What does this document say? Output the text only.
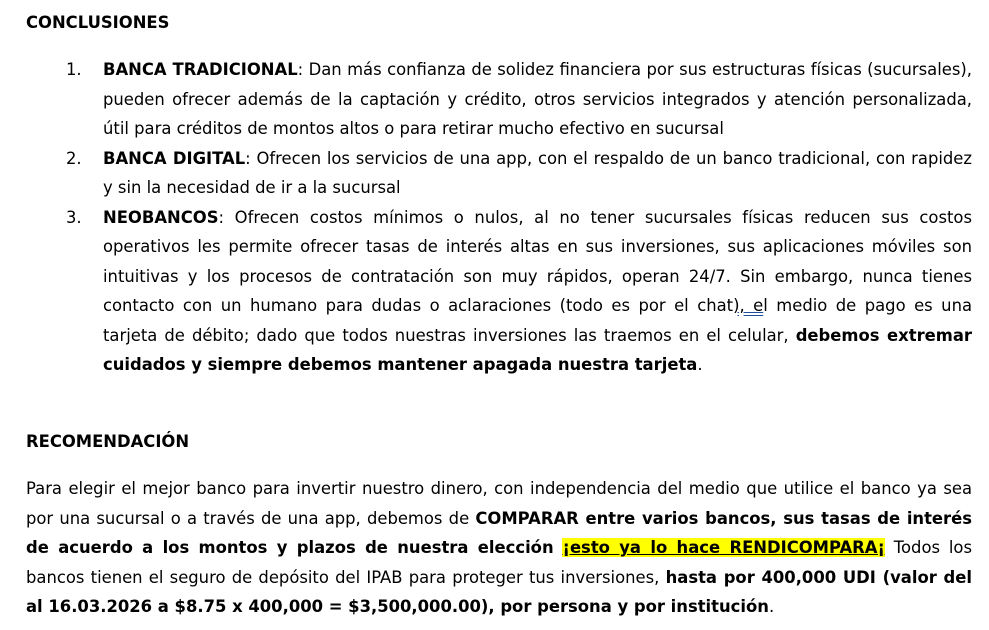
CONCLUSIONES

1. BANCA TRADICIONAL: Dan más confianza de solidez financiera por sus estructuras físicas (sucursales), pueden ofrecer además de la captación y crédito, otros servicios integrados y atención personalizada, útil para créditos de montos altos o para retirar mucho efectivo en sucursal
2. BANCA DIGITAL: Ofrecen los servicios de una app, con el respaldo de un banco tradicional, con rapidez y sin la necesidad de ir a la sucursal
3. NEOBANCOS: Ofrecen costos mínimos o nulos, al no tener sucursales físicas reducen sus costos operativos les permite ofrecer tasas de interés altas en sus inversiones, sus aplicaciones móviles son intuitivas y los procesos de contratación son muy rápidos, operan 24/7. Sin embargo, nunca tienes contacto con un humano para dudas o aclaraciones (todo es por el chat), el medio de pago es una tarjeta de débito; dado que todos nuestras inversiones las traemos en el celular, debemos extremar cuidados y siempre debemos mantener apagada nuestra tarjeta.

RECOMENDACIÓN

Para elegir el mejor banco para invertir nuestro dinero, con independencia del medio que utilice el banco ya sea por una sucursal o a través de una app, debemos de COMPARAR entre varios bancos, sus tasas de interés de acuerdo a los montos y plazos de nuestra elección ¡esto ya lo hace RENDICOMPARA¡ Todos los bancos tienen el seguro de depósito del IPAB para proteger tus inversiones, hasta por 400,000 UDI (valor del al 16.03.2026 a $8.75 x 400,000 = $3,500,000.00), por persona y por institución.
